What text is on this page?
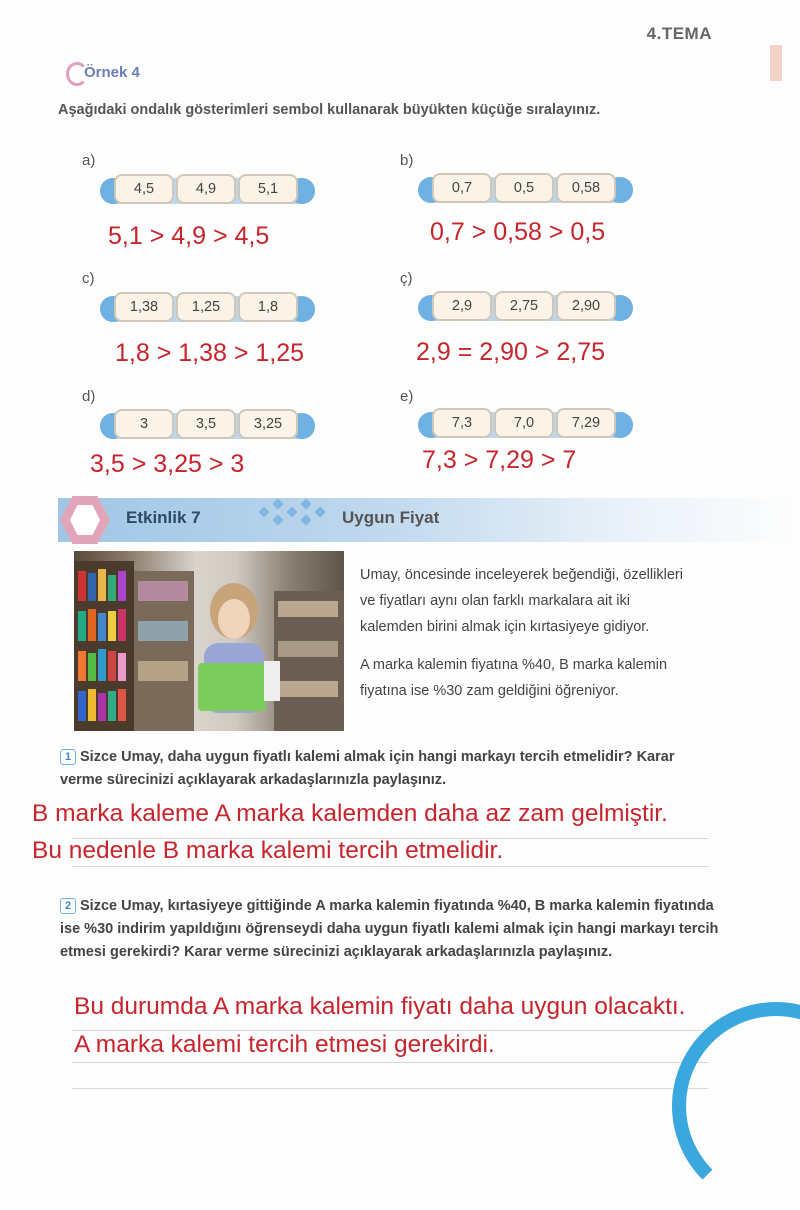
4.TEMA
Örnek 4
Aşağıdaki ondalık gösterimleri sembol kullanarak büyükten küçüğe sıralayınız.
a)
4,5	4,9	5,1
5,1 > 4,9 > 4,5
b)
0,7	0,5	0,58
0,7 > 0,58 > 0,5
c)
1,38	1,25	1,8
1,8 > 1,38 > 1,25
ç)
2,9	2,75	2,90
2,9 = 2,90 > 2,75
d)
3	3,5	3,25
3,5 > 3,25 > 3
e)
7,3	7,0	7,29
7,3 > 7,29 > 7
Etkinlik 7	Uygun Fiyat
Umay, öncesinde inceleyerek beğendiği, özellikleri ve fiyatları aynı olan farklı markalara ait iki kalemden birini almak için kırtasiyeye gidiyor.
A marka kalemin fiyatına %40, B marka kalemin fiyatına ise %30 zam geldiğini öğreniyor.
1 Sizce Umay, daha uygun fiyatlı kalemi almak için hangi markayı tercih etmelidir? Karar verme sürecinizi açıklayarak arkadaşlarınızla paylaşınız.
B marka kaleme A marka kalemden daha az zam gelmiştir.
Bu nedenle B marka kalemi tercih etmelidir.
2 Sizce Umay, kırtasiyeye gittiğinde A marka kalemin fiyatında %40, B marka kalemin fiyatında ise %30 indirim yapıldığını öğrenseydi daha uygun fiyatlı kalemi almak için hangi markayı tercih etmesi gerekirdi? Karar verme sürecinizi açıklayarak arkadaşlarınızla paylaşınız.
Bu durumda A marka kalemin fiyatı daha uygun olacaktı.
A marka kalemi tercih etmesi gerekirdi.
